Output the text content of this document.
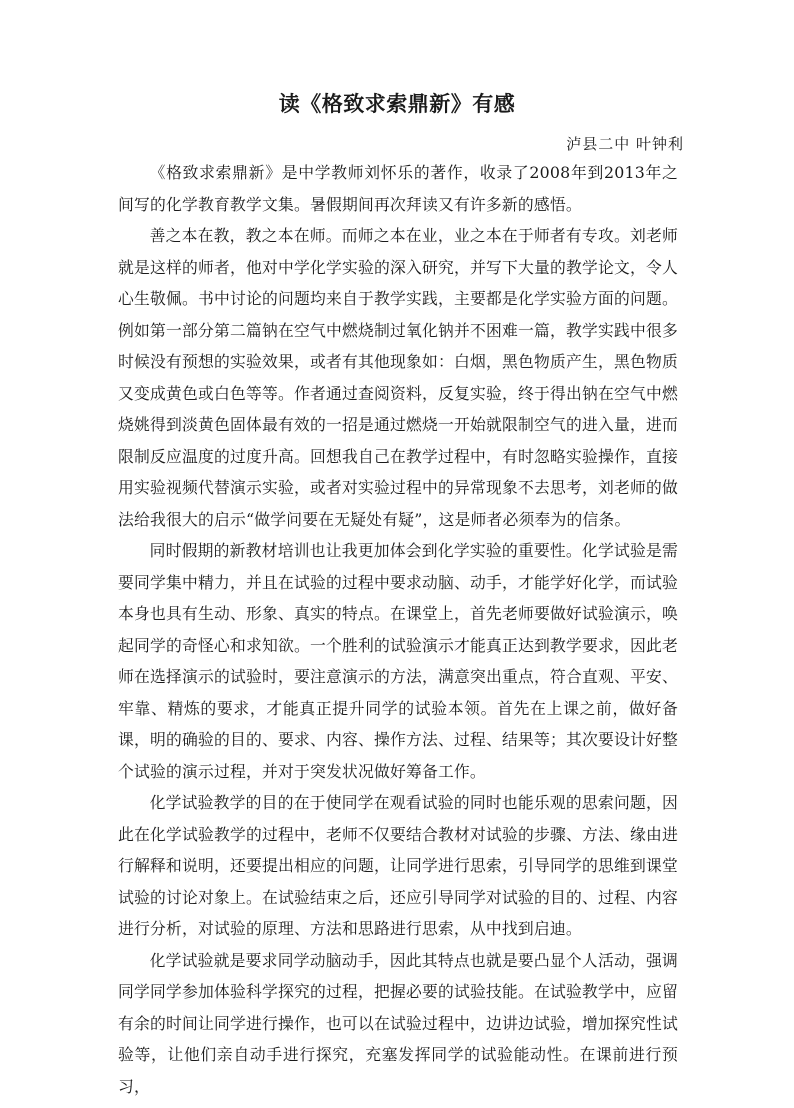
读《格致求索鼎新》有感

泸县二中 叶钟利

《格致求索鼎新》是中学教师刘怀乐的著作，收录了2008年到2013年之间写的化学教育教学文集。暑假期间再次拜读又有许多新的感悟。

善之本在教，教之本在师。而师之本在业，业之本在于师者有专攻。刘老师就是这样的师者，他对中学化学实验的深入研究，并写下大量的教学论文，令人心生敬佩。书中讨论的问题均来自于教学实践，主要都是化学实验方面的问题。例如第一部分第二篇钠在空气中燃烧制过氧化钠并不困难一篇，教学实践中很多时候没有预想的实验效果，或者有其他现象如：白烟，黑色物质产生，黑色物质又变成黄色或白色等等。作者通过查阅资料，反复实验，终于得出钠在空气中燃烧姚得到淡黄色固体最有效的一招是通过燃烧一开始就限制空气的进入量，进而限制反应温度的过度升高。回想我自己在教学过程中，有时忽略实验操作，直接用实验视频代替演示实验，或者对实验过程中的异常现象不去思考，刘老师的做法给我很大的启示“做学问要在无疑处有疑”，这是师者必须奉为的信条。

同时假期的新教材培训也让我更加体会到化学实验的重要性。化学试验是需要同学集中精力，并且在试验的过程中要求动脑、动手，才能学好化学，而试验本身也具有生动、形象、真实的特点。在课堂上，首先老师要做好试验演示，唤起同学的奇怪心和求知欲。一个胜利的试验演示才能真正达到教学要求，因此老师在选择演示的试验时，要注意演示的方法，满意突出重点，符合直观、平安、牢靠、精炼的要求，才能真正提升同学的试验本领。首先在上课之前，做好备课，明的确验的目的、要求、内容、操作方法、过程、结果等；其次要设计好整个试验的演示过程，并对于突发状况做好筹备工作。

化学试验教学的目的在于使同学在观看试验的同时也能乐观的思索问题，因此在化学试验教学的过程中，老师不仅要结合教材对试验的步骤、方法、缘由进行解释和说明，还要提出相应的问题，让同学进行思索，引导同学的思维到课堂试验的讨论对象上。在试验结束之后，还应引导同学对试验的目的、过程、内容进行分析，对试验的原理、方法和思路进行思索，从中找到启迪。

化学试验就是要求同学动脑动手，因此其特点也就是要凸显个人活动，强调同学同学参加体验科学探究的过程，把握必要的试验技能。在试验教学中，应留有余的时间让同学进行操作，也可以在试验过程中，边讲边试验，增加探究性试验等，让他们亲自动手进行探究，充塞发挥同学的试验能动性。在课前进行预习，
